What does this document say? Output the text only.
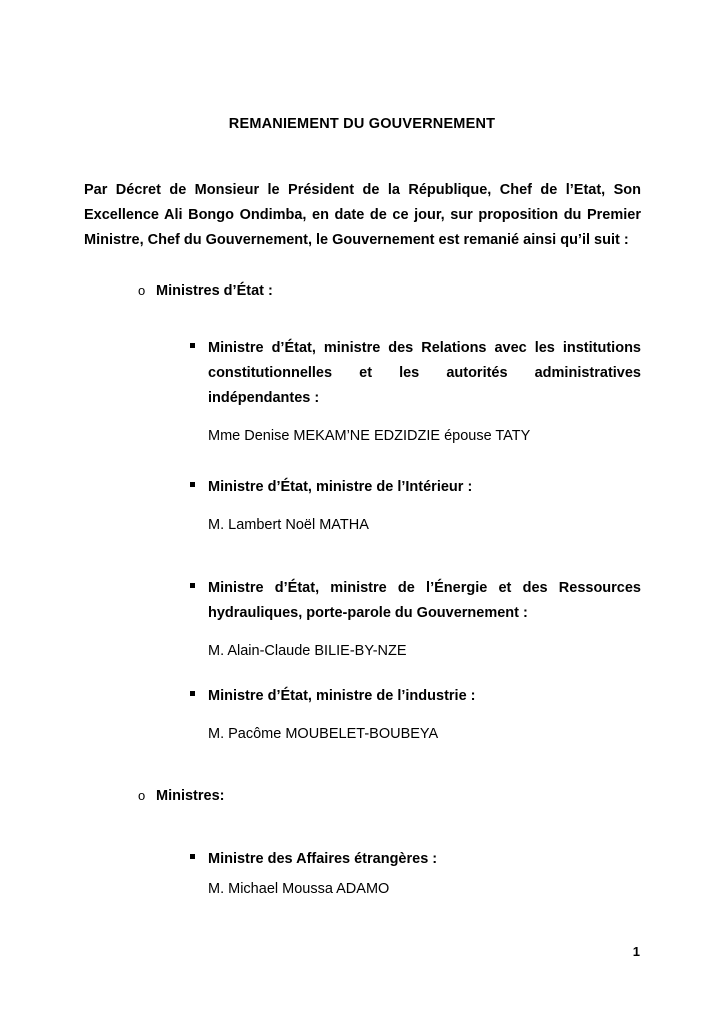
REMANIEMENT DU GOUVERNEMENT
Par Décret de Monsieur le Président de la République, Chef de l’Etat, Son Excellence Ali Bongo Ondimba, en date de ce jour, sur proposition du Premier Ministre, Chef du Gouvernement, le Gouvernement est remanié ainsi qu’il suit :
o Ministres d’État :
Ministre d’État, ministre des Relations avec les institutions constitutionnelles et les autorités administratives indépendantes :
Mme Denise MEKAM’NE EDZIDZIE épouse TATY
Ministre d’État, ministre de l’Intérieur :
M. Lambert Noël MATHA
Ministre d’État, ministre de l’Énergie et des Ressources hydrauliques, porte-parole du Gouvernement :
M. Alain-Claude BILIE-BY-NZE
Ministre d’État, ministre de l’industrie :
M. Pacôme MOUBELET-BOUBEYA
o Ministres:
Ministre des Affaires étrangères :
M. Michael Moussa ADAMO
1
